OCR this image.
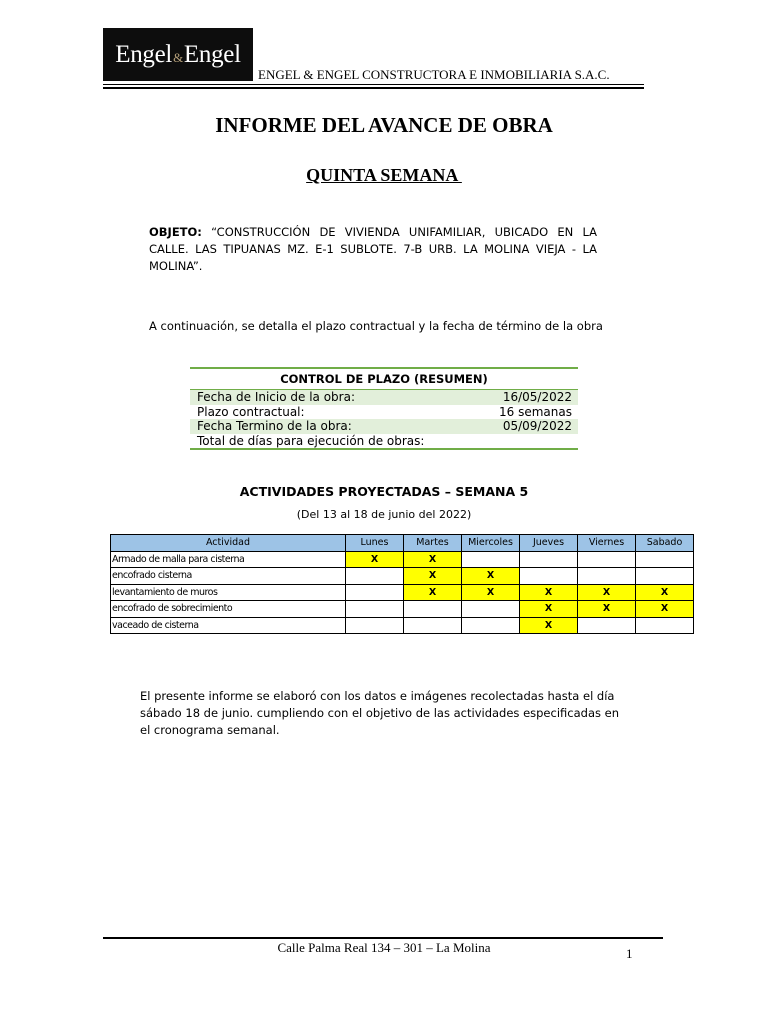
Engel & Engel
ENGEL & ENGEL CONSTRUCTORA E INMOBILIARIA S.A.C.
INFORME DEL AVANCE DE OBRA
QUINTA SEMANA
OBJETO: “CONSTRUCCIÓN DE VIVIENDA UNIFAMILIAR, UBICADO EN LA CALLE. LAS TIPUANAS MZ. E-1 SUBLOTE. 7-B URB. LA MOLINA VIEJA - LA MOLINA”.
A continuación, se detalla el plazo contractual y la fecha de término de la obra
CONTROL DE PLAZO (RESUMEN)
Fecha de Inicio de la obra:	16/05/2022
Plazo contractual:	16 semanas
Fecha Termino de la obra:	05/09/2022
Total de días para ejecución de obras:
ACTIVIDADES PROYECTADAS – SEMANA 5
(Del 13 al 18 de junio del 2022)
Actividad	Lunes	Martes	Miercoles	Jueves	Viernes	Sabado
Armado de malla para cisterna	X	X				
encofrado cisterna		X	X			
levantamiento de muros		X	X	X	X	X
encofrado de sobrecimiento				X	X	X
vaceado de cisterna				X		
El presente informe se elaboró con los datos e imágenes recolectadas hasta el día sábado 18 de junio. cumpliendo con el objetivo de las actividades especificadas en el cronograma semanal.
Calle Palma Real 134 – 301 – La Molina	1
